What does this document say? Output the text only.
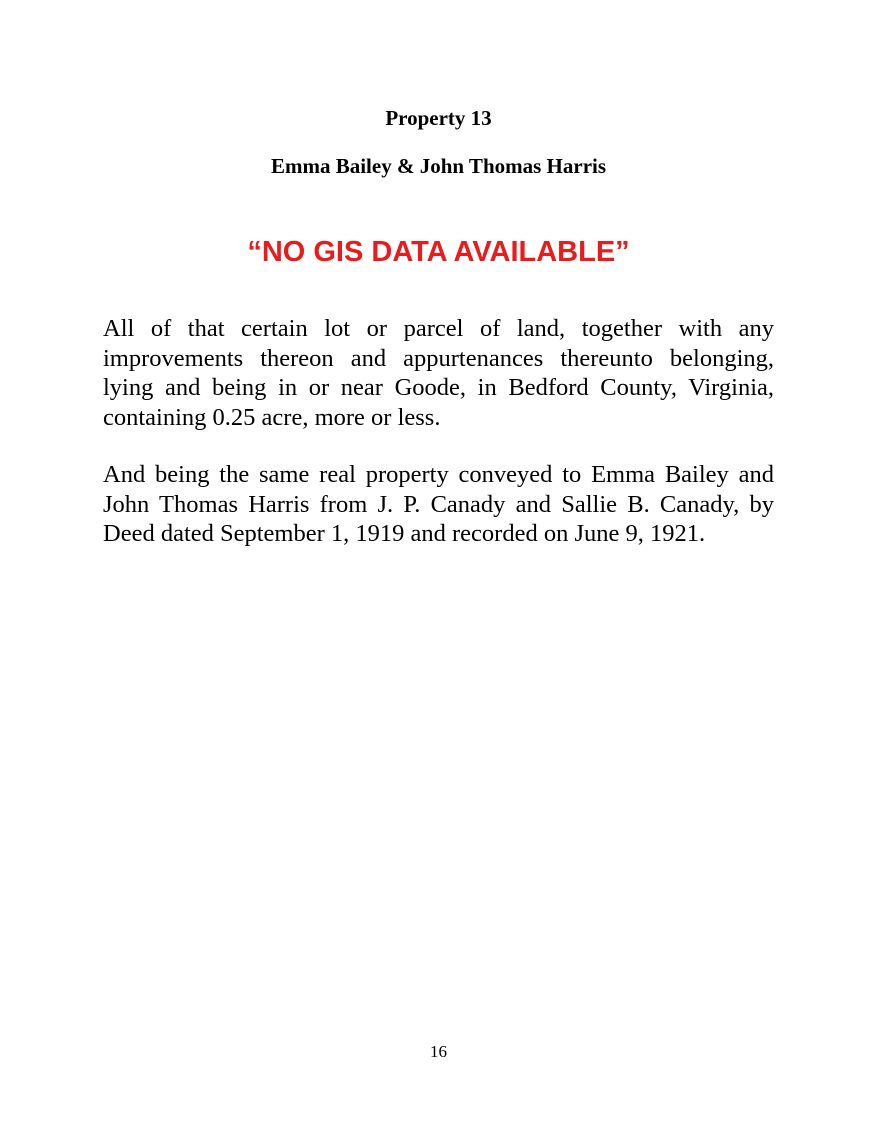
Property 13
Emma Bailey & John Thomas Harris
“NO GIS DATA AVAILABLE”

All of that certain lot or parcel of land, together with any improvements thereon and appurtenances thereunto belonging, lying and being in or near Goode, in Bedford County, Virginia, containing 0.25 acre, more or less.

And being the same real property conveyed to Emma Bailey and John Thomas Harris from J. P. Canady and Sallie B. Canady, by Deed dated September 1, 1919 and recorded on June 9, 1921.

16
